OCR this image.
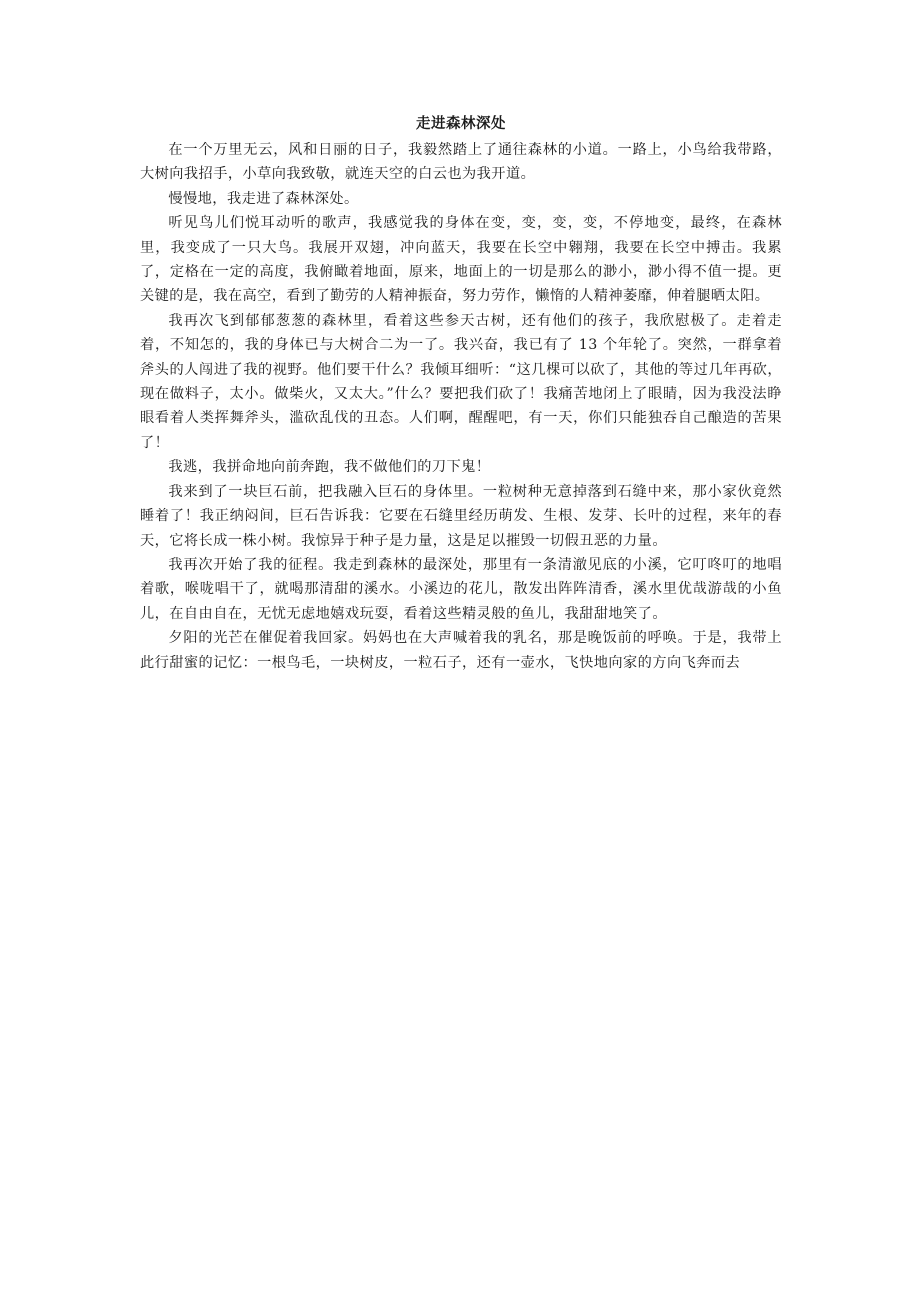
走进森林深处

在一个万里无云，风和日丽的日子，我毅然踏上了通往森林的小道。一路上，小鸟给我带路，大树向我招手，小草向我致敬，就连天空的白云也为我开道。

慢慢地，我走进了森林深处。

听见鸟儿们悦耳动听的歌声，我感觉我的身体在变，变，变，变，不停地变，最终，在森林里，我变成了一只大鸟。我展开双翅，冲向蓝天，我要在长空中翱翔，我要在长空中搏击。我累了，定格在一定的高度，我俯瞰着地面，原来，地面上的一切是那么的渺小，渺小得不值一提。更关键的是，我在高空，看到了勤劳的人精神振奋，努力劳作，懒惰的人精神萎靡，伸着腿晒太阳。

我再次飞到郁郁葱葱的森林里，看着这些参天古树，还有他们的孩子，我欣慰极了。走着走着，不知怎的，我的身体已与大树合二为一了。我兴奋，我已有了 13 个年轮了。突然，一群拿着斧头的人闯进了我的视野。他们要干什么？我倾耳细听：“这几棵可以砍了，其他的等过几年再砍，现在做料子，太小。做柴火，又太大。”什么？要把我们砍了！我痛苦地闭上了眼睛，因为我没法睁眼看着人类挥舞斧头，滥砍乱伐的丑态。人们啊，醒醒吧，有一天，你们只能独吞自己酿造的苦果了！

我逃，我拼命地向前奔跑，我不做他们的刀下鬼！

我来到了一块巨石前，把我融入巨石的身体里。一粒树种无意掉落到石缝中来，那小家伙竟然睡着了！我正纳闷间，巨石告诉我：它要在石缝里经历萌发、生根、发芽、长叶的过程，来年的春天，它将长成一株小树。我惊异于种子是力量，这是足以摧毁一切假丑恶的力量。

我再次开始了我的征程。我走到森林的最深处，那里有一条清澈见底的小溪，它叮咚叮的地唱着歌，喉咙唱干了，就喝那清甜的溪水。小溪边的花儿，散发出阵阵清香，溪水里优哉游哉的小鱼儿，在自由自在，无忧无虑地嬉戏玩耍，看着这些精灵般的鱼儿，我甜甜地笑了。

夕阳的光芒在催促着我回家。妈妈也在大声喊着我的乳名，那是晚饭前的呼唤。于是，我带上此行甜蜜的记忆：一根鸟毛，一块树皮，一粒石子，还有一壶水，飞快地向家的方向飞奔而去
